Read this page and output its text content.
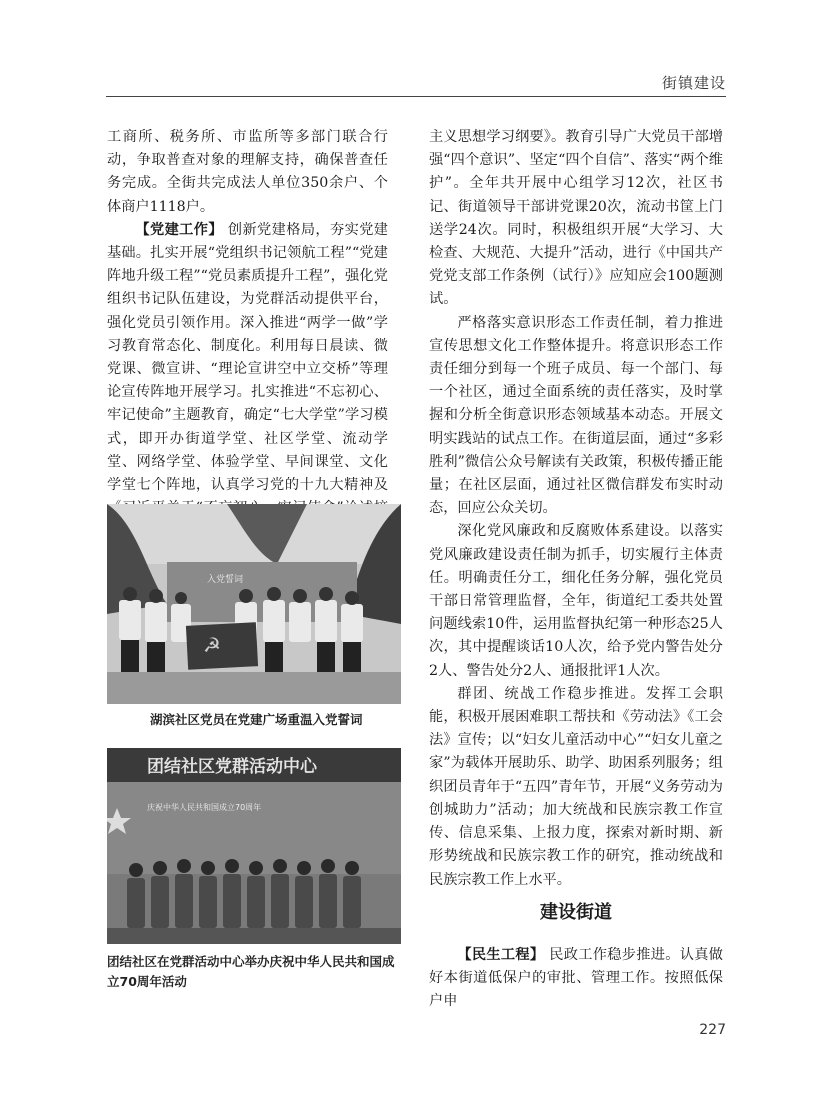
街镇建设

工商所、税务所、市监所等多部门联合行动，争取普查对象的理解支持，确保普查任务完成。全街共完成法人单位350余户、个体商户1118户。

【党建工作】 创新党建格局，夯实党建基础。扎实开展“党组织书记领航工程”“党建阵地升级工程”“党员素质提升工程”，强化党组织书记队伍建设，为党群活动提供平台，强化党员引领作用。深入推进“两学一做”学习教育常态化、制度化。利用每日晨读、微党课、微宣讲、“理论宣讲空中立交桥”等理论宣传阵地开展学习。扎实推进“不忘初心、牢记使命”主题教育，确定“七大学堂”学习模式，即开办街道学堂、社区学堂、流动学堂、网络学堂、体验学堂、早间课堂、文化学堂七个阵地，认真学习党的十九大精神及

入党誓词
☭
湖滨社区党员在党建广场重温入党誓词
团结社区党群活动中心
庆祝中华人民共和国成立70周年
团结社区在党群活动中心举办庆祝中华人民共和国成立70周年活动

主义思想学习纲要》。教育引导广大党员干部增强“四个意识”、坚定“四个自信”、落实“两个维护”。全年共开展中心组学习12次，社区书记、街道领导干部讲党课20次，流动书筐上门送学24次。同时，积极组织开展“大学习、大检查、大规范、大提升”活动，进行《中国共产党党支部工作条例（试行）》应知应会100题测试。

严格落实意识形态工作责任制，着力推进宣传思想文化工作整体提升。将意识形态工作责任细分到每一个班子成员、每一个部门、每一个社区，通过全面系统的责任落实，及时掌握和分析全街意识形态领域基本动态。开展文明实践站的试点工作。在街道层面，通过“多彩胜利”微信公众号解读有关政策，积极传播正能量；在社区层面，通过社区微信群发布实时动态，回应公众关切。

深化党风廉政和反腐败体系建设。以落实党风廉政建设责任制为抓手，切实履行主体责任。明确责任分工，细化任务分解，强化党员干部日常管理监督，全年，街道纪工委共处置问题线索10件，运用监督执纪第一种形态25人次，其中提醒谈话10人次，给予党内警告处分2人、警告处分2人、通报批评1人次。

群团、统战工作稳步推进。发挥工会职能，积极开展困难职工帮扶和《劳动法》《工会法》宣传；以“妇女儿童活动中心”“妇女儿童之家”为载体开展助乐、助学、助困系列服务；组织团员青年于“五四”青年节，开展“义务劳动为创城助力”活动；加大统战和民族宗教工作宣传、信息采集、上报力度，探索对新时期、新形势统战和民族宗教工作的研究，推动统战和民族宗教工作上水平。

建设街道

【民生工程】 民政工作稳步推进。认真做好本街道低保户的审批、管理工作。按照低保户申

227
